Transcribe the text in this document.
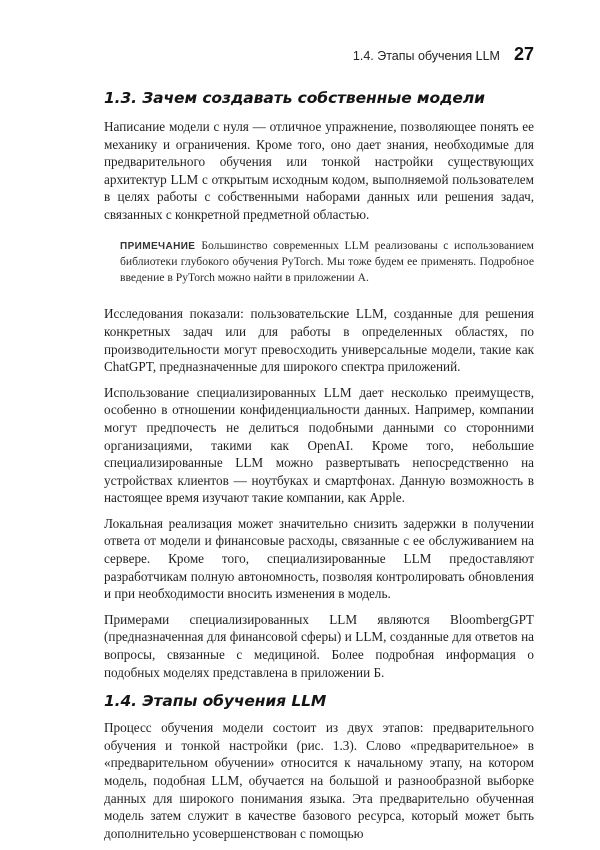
1.4. Этапы обучения LLM 27
1.3. Зачем создавать собственные модели

Написание модели с нуля — отличное упражнение, позволяющее понять ее механику и ограничения. Кроме того, оно дает знания, необходимые для предварительного обучения или тонкой настройки существующих архитектур LLM с открытым исходным кодом, выполняемой пользователем в целях работы с собственными наборами данных или решения задач, связанных с конкретной предметной областью.

ПРИМЕЧАНИЕ Большинство современных LLM реализованы с использованием библиотеки глубокого обучения PyTorch. Мы тоже будем ее применять. Подробное введение в PyTorch можно найти в приложении А.

Исследования показали: пользовательские LLM, созданные для решения конкретных задач или для работы в определенных областях, по производительности могут превосходить универсальные модели, такие как ChatGPT, предназначенные для широкого спектра приложений.

Использование специализированных LLM дает несколько преимуществ, особенно в отношении конфиденциальности данных. Например, компании могут предпочесть не делиться подобными данными со сторонними организациями, такими как OpenAI. Кроме того, небольшие специализированные LLM можно развертывать непосредственно на устройствах клиентов — ноутбуках и смартфонах. Данную возможность в настоящее время изучают такие компании, как Apple.

Локальная реализация может значительно снизить задержки в получении ответа от модели и финансовые расходы, связанные с ее обслуживанием на сервере. Кроме того, специализированные LLM предоставляют разработчикам полную автономность, позволяя контролировать обновления и при необходимости вносить изменения в модель.

Примерами специализированных LLM являются BloombergGPT (предназначенная для финансовой сферы) и LLM, созданные для ответов на вопросы, связанные с медициной. Более подробная информация о подобных моделях представлена в приложении Б.

1.4. Этапы обучения LLM

Процесс обучения модели состоит из двух этапов: предварительного обучения и тонкой настройки (рис. 1.3). Слово «предварительное» в «предварительном обучении» относится к начальному этапу, на котором модель, подобная LLM, обучается на большой и разнообразной выборке данных для широкого понимания языка. Эта предварительно обученная модель затем служит в качестве базового ресурса, который может быть дополнительно усовершенствован с помощью
